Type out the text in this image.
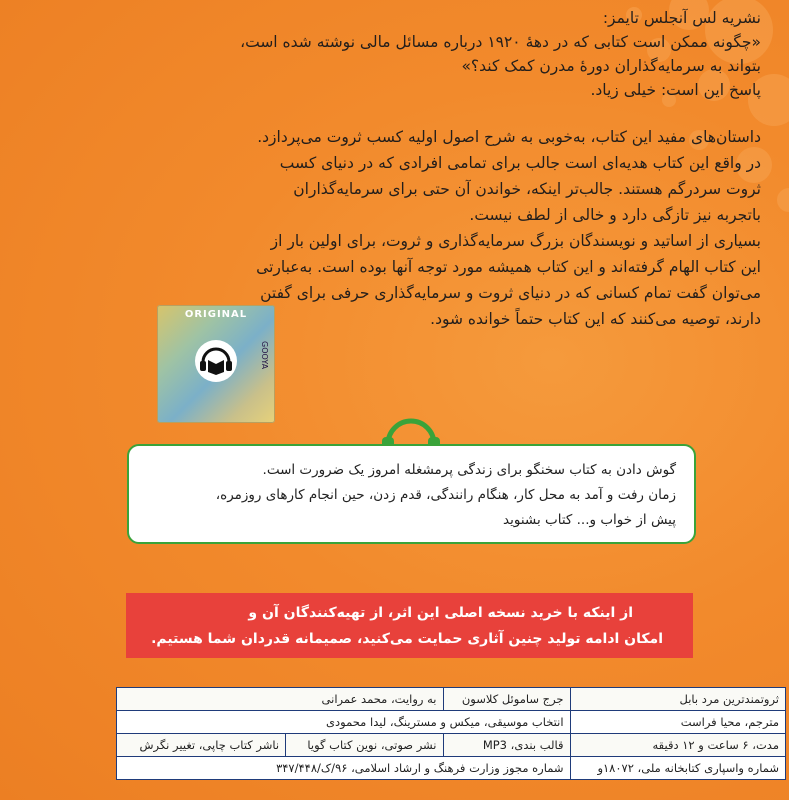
نشریه لس آنجلس تایمز:
«چگونه ممکن است کتابی که در دهۀ ۱۹۲۰ درباره مسائل مالی نوشته شده است،
بتواند به سرمایه‌گذاران دورۀ مدرن کمک کند؟»
پاسخ این است: خیلی زیاد.
داستان‌های مفید این کتاب، به‌خوبی به شرح اصول اولیه کسب ثروت می‌پردازد.
در واقع این کتاب هدیه‌ای است جالب برای تمامی افرادی که در دنیای کسب
ثروت سردرگم هستند. جالب‌تر اینکه، خواندن آن حتی برای سرمایه‌گذاران
باتجربه نیز تازگی دارد و خالی از لطف نیست.
بسیاری از اساتید و نویسندگان بزرگ سرمایه‌گذاری و ثروت، برای اولین بار از
این کتاب الهام گرفته‌اند و این کتاب همیشه مورد توجه آنها بوده است. به‌عبارتی
می‌توان گفت تمام کسانی که در دنیای ثروت و سرمایه‌گذاری حرفی برای گفتن
دارند، توصیه می‌کنند که این کتاب حتماً خوانده شود.
ORIGINAL
GOOYA
گوش دادن به کتاب سخنگو برای زندگی پرمشغله امروز یک ضرورت است.
زمان رفت و آمد به محل کار، هنگام رانندگی، قدم زدن، حین انجام کارهای روزمره،
پیش از خواب و... کتاب بشنوید
از اینکه با خرید نسخه اصلی این اثر، از تهیه‌کنندگان آن و
امکان ادامه تولید چنین آثاری حمایت می‌کنید، صمیمانه قدردان شما هستیم.
ثروتمندترین مرد بابل	جرج ساموئل کلاسون	به روایت، محمد عمرانی	
مترجم، محیا فراست	انتخاب موسیقی، میکس و مسترینگ، لیدا محمودی		
مدت، ۶ ساعت و ۱۲ دقیقه	قالب بندی، MP3	نشر صوتی، نوین کتاب گویا	ناشر کتاب چاپی، تغییر نگرش
شماره واسپاری کتابخانه ملی، ۱۸۰۷۲و	شماره مجوز وزارت فرهنگ و ارشاد اسلامی، ۹۶/ک/۳۴۷/۴۴۸		
